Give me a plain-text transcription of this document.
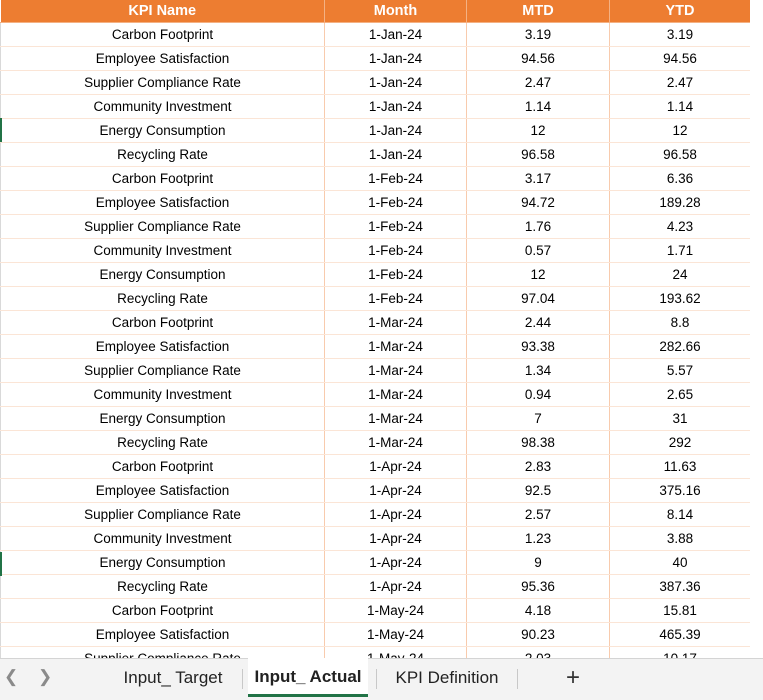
KPI Name	Month	MTD	YTD
Carbon Footprint	1-Jan-24	3.19	3.19
Employee Satisfaction	1-Jan-24	94.56	94.56
Supplier Compliance Rate	1-Jan-24	2.47	2.47
Community Investment	1-Jan-24	1.14	1.14
Energy Consumption	1-Jan-24	12	12
Recycling Rate	1-Jan-24	96.58	96.58
Carbon Footprint	1-Feb-24	3.17	6.36
Employee Satisfaction	1-Feb-24	94.72	189.28
Supplier Compliance Rate	1-Feb-24	1.76	4.23
Community Investment	1-Feb-24	0.57	1.71
Energy Consumption	1-Feb-24	12	24
Recycling Rate	1-Feb-24	97.04	193.62
Carbon Footprint	1-Mar-24	2.44	8.8
Employee Satisfaction	1-Mar-24	93.38	282.66
Supplier Compliance Rate	1-Mar-24	1.34	5.57
Community Investment	1-Mar-24	0.94	2.65
Energy Consumption	1-Mar-24	7	31
Recycling Rate	1-Mar-24	98.38	292
Carbon Footprint	1-Apr-24	2.83	11.63
Employee Satisfaction	1-Apr-24	92.5	375.16
Supplier Compliance Rate	1-Apr-24	2.57	8.14
Community Investment	1-Apr-24	1.23	3.88
Energy Consumption	1-Apr-24	9	40
Recycling Rate	1-Apr-24	95.36	387.36
Carbon Footprint	1-May-24	4.18	15.81
Employee Satisfaction	1-May-24	90.23	465.39

❮ ❯	Input_ Target	Input_ Actual	KPI Definition	+
